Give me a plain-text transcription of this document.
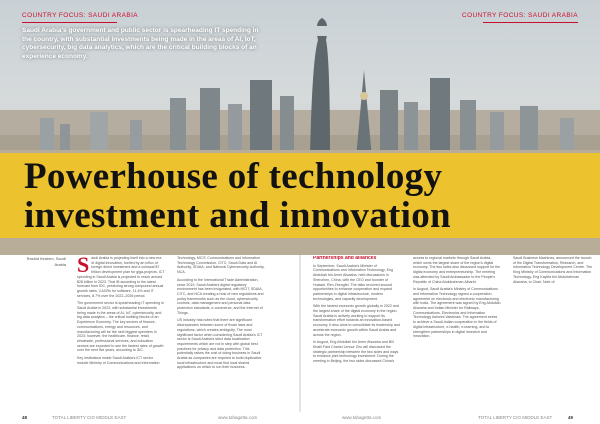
COUNTRY FOCUS: SAUDI ARABIA	COUNTRY FOCUS: SAUDI ARABIA

Saudi Arabia's government and public sector is spearheading IT spending in the country, with substantial investments being made in the areas of AI, IoT, cybersecurity, big data analytics, which are the critical building blocks of an experience economy.

Powerhouse of technology investment and innovation
Rashid Ibrahim, Saudi Arabia Saudi Arabia is projecting itself into a new era of digital innovation, fuelled by an influx of foreign direct investment and a colossal $7 trillion development plan for giga-projects. ICT spending in Saudi Arabia is projected to reach around $28 billion in 2023. That IB according to the latest forecast from IDC, predicting strong compound annual growth rates, CAGRs for software, 11.4% and IT services, 8.7% over the 2022–2026 period.

The government sector is spearheading IT spending in Saudi Arabia in 2023, with substantial investments being made in the areas of AI, IoT, cybersecurity, and big data analytics – the critical building blocks of an Experience Economy. The key sectors of finance, communications, energy and resources, and manufacturing will be the next biggest spenders in 2023; however, the healthcare, finance, retail, wholesale, professional services, and education sectors are expected to see the fastest rates of growth over the next five years, according to IDC.

Key institutions inside Saudi Arabia's ICT sector include Ministry of Communications and Information

Technology, MCIT; Communications and Information Technology Commission, CITC; Saudi Data and AI Authority, SDAIA; and National Cybersecurity Authority, NCA.

According to the International Trade Administration, since 2019, Saudi Arabia's digital regulatory environment has been invigorated, with MCIT, SDAIA, CITC, and NCA creating a host of new regulations and policy frameworks such as the cloud, cybersecurity controls, data management and personal data protection standards, e-commerce, and the Internet of Things.

US industry has noted that there are significant discrepancies between some of those laws and regulations, which creates ambiguity. The most significant factor when considering Saudi Arabia's ICT sector is Saudi Arabia's strict data localisation requirements which are not in step with global best practices for privacy and data protection. This potentially raises the cost of doing business in Saudi Arabia as companies are required to build duplicative local infrastructure and must find local shared applications on which to run their business.

Partnerships and alliances

In September, Saudi Arabia's Minister of Communications and Information Technology, Eng Abdullah bin Amer Alswaha, held discussions in Shenzhen, China, with the CEO and founder of Huawei, Ren Zhengfei. The talks revolved around opportunities to enhance cooperation and expand partnerships in digital infrastructure, modern technologies, and capacity development.

With the fastest economic growth globally in 2022 and the largest share of the digital economy in the region, Saudi Arabia is actively working to support its transformation effort towards an innovation-based economy. It also aims to consolidate its leadership and accelerate economic growth within Saudi Arabia and across the region.

In August, Eng Abdullah bin Amer Alswaha and Bill Khalil Fard Chanei Lennor Zhu will discussed the strategic partnership between the two sides and ways to enhance joint technology investment. During the meeting in Beijing, the two sides discussed China's

access to regional markets through Saudi Arabia, which owns the largest share of the region's digital economy. The two sides also discussed support for the digital economy and entrepreneurship. The meeting was attended by Saudi Ambassador to the People's Republic of China Abdulrahman Alharbi.

In August, Saudi Arabia's Ministry of Communications and Information Technology signed a cooperation agreement on electronic and electronic manufacturing with India. The agreement was signed by Eng Abdullah Alswaha and Indian Minister for Railways, Communications, Electronics and Information Technology Ashwini Vaishnaw. The agreement seeks to achieve a Saudi-Indian cooperation in the fields of digital infrastructure, e-health, e-learning, and to strengthen partnerships in digital research and innovation.

Saudi Business Machines, announced the launch of the Digital Transformation, Research, and Information Technology Development Centre. The King Ministry of Communications and Information Technology, Eng Kaylifa bin Abdulrahman Alswaha, to Chair. Note of

48	TOTAL LIBERTY CIO MIDDLE EAST	www.tahagetta.com	www.tahagetta.com	TOTAL LIBERTY CIO MIDDLE EAST	49
